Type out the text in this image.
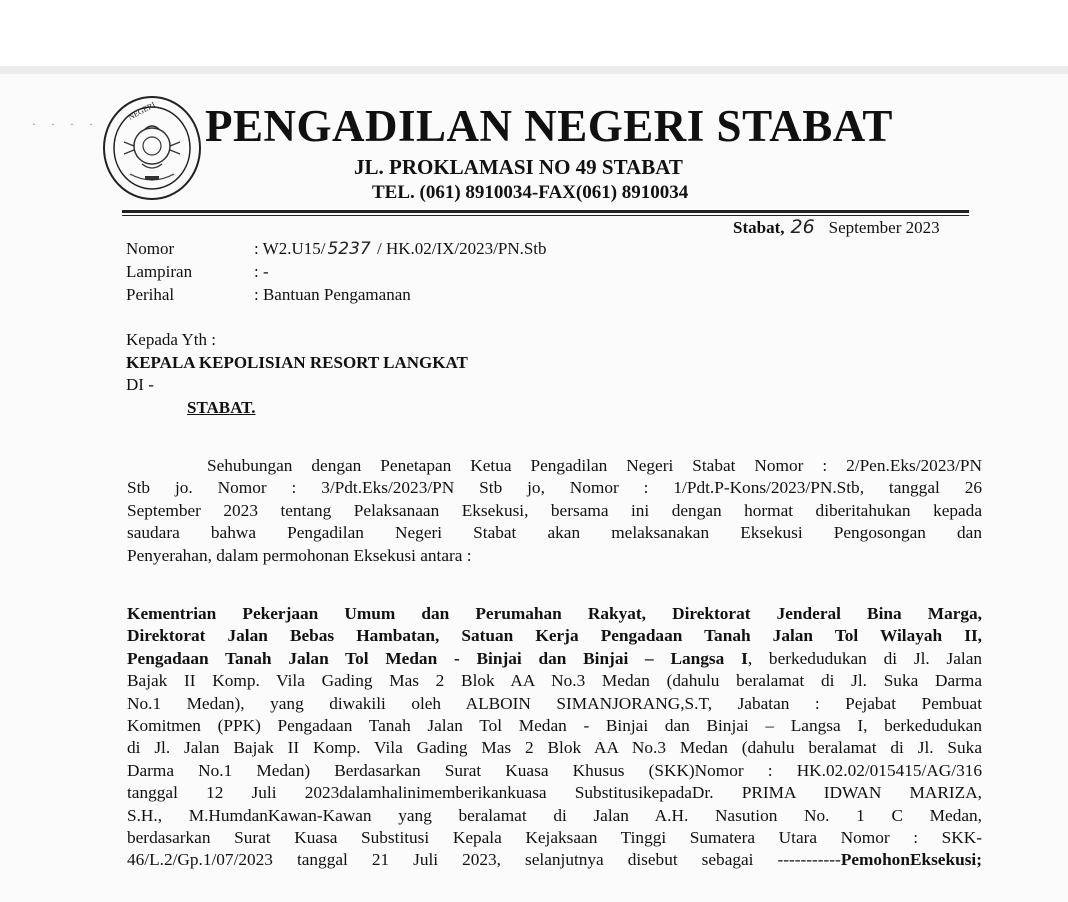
· · · ·
NEGERI PENGADILAN NEGERI STABAT
JL. PROKLAMASI NO 49 STABAT
TEL. (061) 8910034-FAX(061) 8910034
Stabat, 26 September 2023
Nomor	: W2.U15/ 5237 / HK.02/IX/2023/PN.Stb
Lampiran	: -
Perihal	: Bantuan Pengamanan
Kepada Yth :
KEPALA KEPOLISIAN RESORT LANGKAT
DI -
STABAT.
Sehubungan dengan Penetapan Ketua Pengadilan Negeri Stabat Nomor : 2/Pen.Eks/2023/PN
Stb jo. Nomor : 3/Pdt.Eks/2023/PN Stb jo, Nomor : 1/Pdt.P-Kons/2023/PN.Stb, tanggal 26
September 2023 tentang Pelaksanaan Eksekusi, bersama ini dengan hormat diberitahukan kepada
saudara bahwa Pengadilan Negeri Stabat akan melaksanakan Eksekusi Pengosongan dan
Penyerahan, dalam permohonan Eksekusi antara :
Kementrian Pekerjaan Umum dan Perumahan Rakyat, Direktorat Jenderal Bina Marga,
Direktorat Jalan Bebas Hambatan, Satuan Kerja Pengadaan Tanah Jalan Tol Wilayah II,
Pengadaan Tanah Jalan Tol Medan - Binjai dan Binjai – Langsa I, berkedudukan di Jl. Jalan
Bajak II Komp. Vila Gading Mas 2 Blok AA No.3 Medan (dahulu beralamat di Jl. Suka Darma
No.1 Medan), yang diwakili oleh ALBOIN SIMANJORANG,S.T, Jabatan : Pejabat Pembuat
Komitmen (PPK) Pengadaan Tanah Jalan Tol Medan - Binjai dan Binjai – Langsa I, berkedudukan
di Jl. Jalan Bajak II Komp. Vila Gading Mas 2 Blok AA No.3 Medan (dahulu beralamat di Jl. Suka
Darma No.1 Medan) Berdasarkan Surat Kuasa Khusus (SKK)Nomor : HK.02.02/015415/AG/316
tanggal 12 Juli 2023dalamhalinimemberikankuasa SubstitusikepadaDr. PRIMA IDWAN MARIZA,
S.H., M.HumdanKawan-Kawan yang beralamat di Jalan A.H. Nasution No. 1 C Medan,
berdasarkan Surat Kuasa Substitusi Kepala Kejaksaan Tinggi Sumatera Utara Nomor : SKK-
46/L.2/Gp.1/07/2023 tanggal 21 Juli 2023, selanjutnya disebut sebagai -----------PemohonEksekusi;
